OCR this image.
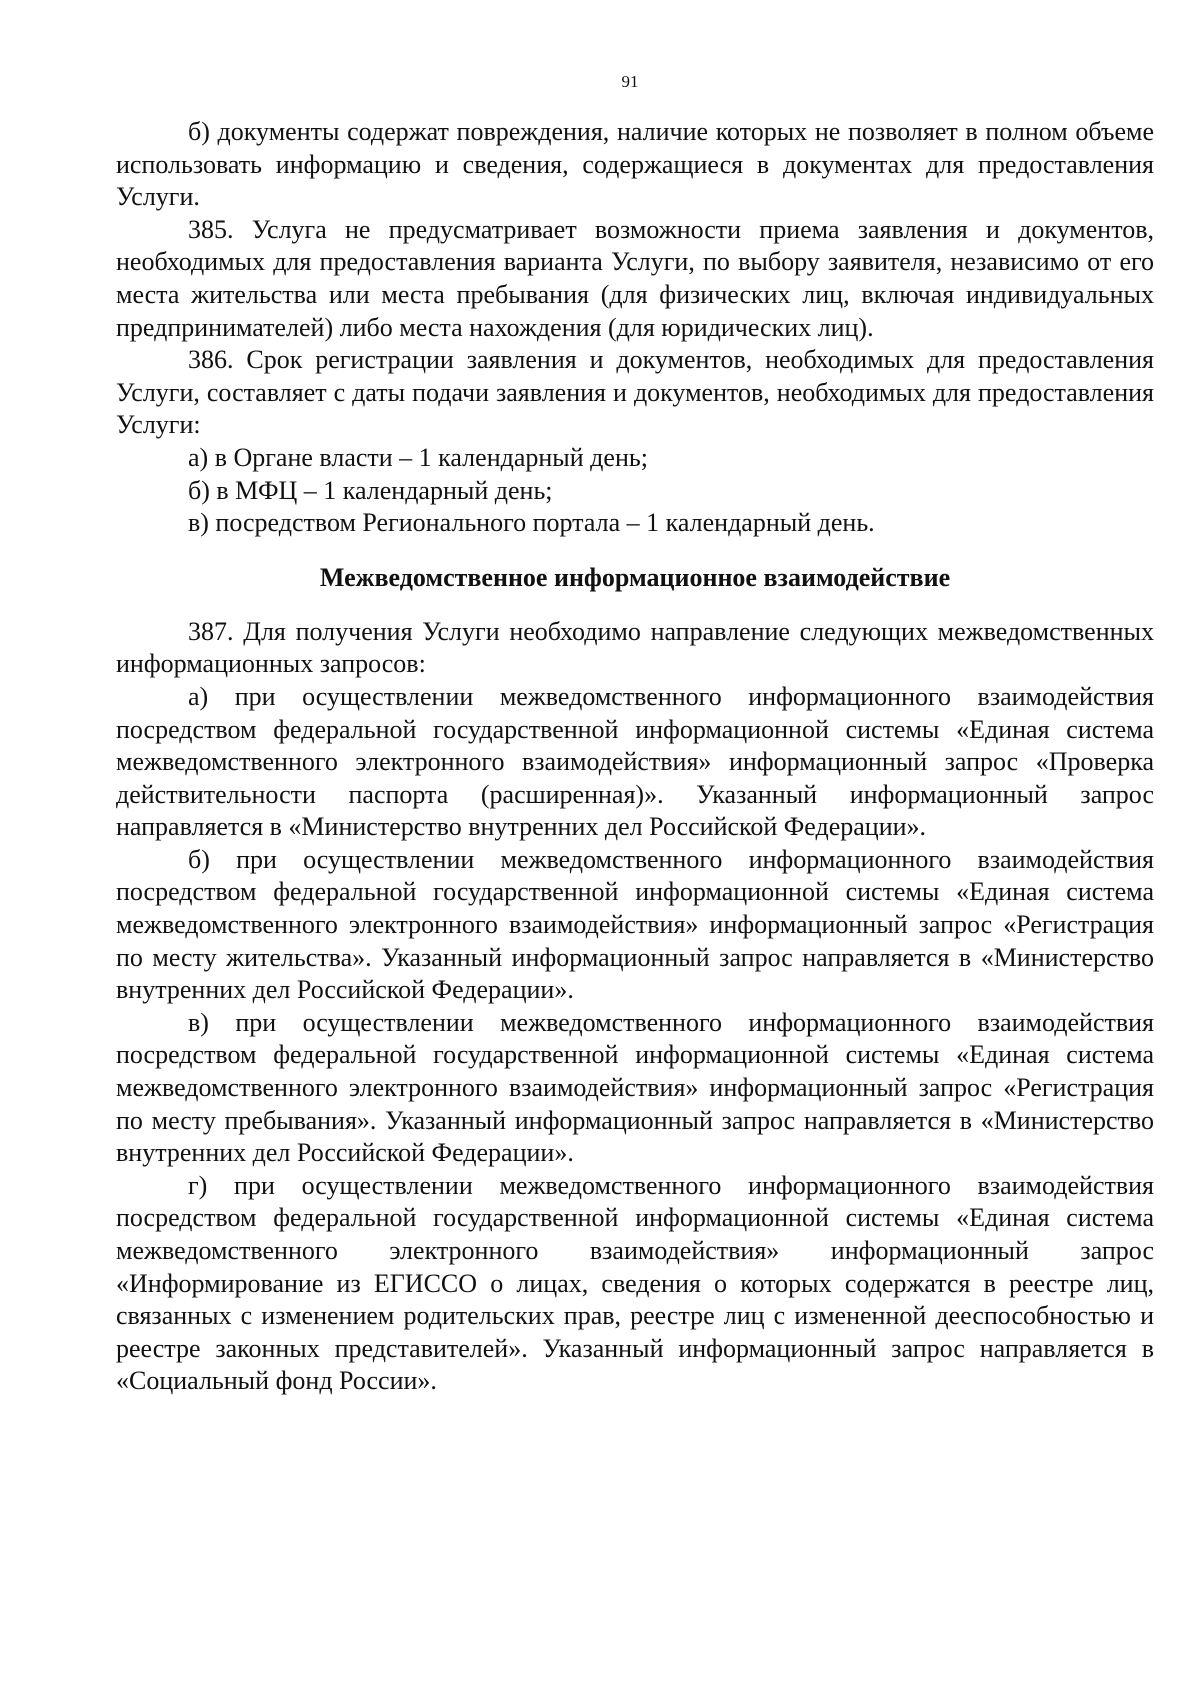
91

б) документы содержат повреждения, наличие которых не позволяет в полном объеме использовать информацию и сведения, содержащиеся в документах для предоставления Услуги.

385. Услуга не предусматривает возможности приема заявления и документов, необходимых для предоставления варианта Услуги, по выбору заявителя, независимо от его места жительства или места пребывания (для физических лиц, включая индивидуальных предпринимателей) либо места нахождения (для юридических лиц).

386. Срок регистрации заявления и документов, необходимых для предоставления Услуги, составляет с даты подачи заявления и документов, необходимых для предоставления Услуги:

а) в Органе власти – 1 календарный день;

б) в МФЦ – 1 календарный день;

в) посредством Регионального портала – 1 календарный день.

Межведомственное информационное взаимодействие

387. Для получения Услуги необходимо направление следующих межведомственных информационных запросов:

а) при осуществлении межведомственного информационного взаимодействия посредством федеральной государственной информационной системы «Единая система межведомственного электронного взаимодействия» информационный запрос «Проверка действительности паспорта (расширенная)». Указанный информационный запрос направляется в «Министерство внутренних дел Российской Федерации».

б) при осуществлении межведомственного информационного взаимодействия посредством федеральной государственной информационной системы «Единая система межведомственного электронного взаимодействия» информационный запрос «Регистрация по месту жительства». Указанный информационный запрос направляется в «Министерство внутренних дел Российской Федерации».

в) при осуществлении межведомственного информационного взаимодействия посредством федеральной государственной информационной системы «Единая система межведомственного электронного взаимодействия» информационный запрос «Регистрация по месту пребывания». Указанный информационный запрос направляется в «Министерство внутренних дел Российской Федерации».

г) при осуществлении межведомственного информационного взаимодействия посредством федеральной государственной информационной системы «Единая система межведомственного электронного взаимодействия» информационный запрос «Информирование из ЕГИССО о лицах, сведения о которых содержатся в реестре лиц, связанных с изменением родительских прав, реестре лиц с измененной дееспособностью и реестре законных представителей». Указанный информационный запрос направляется в «Социальный фонд России».
